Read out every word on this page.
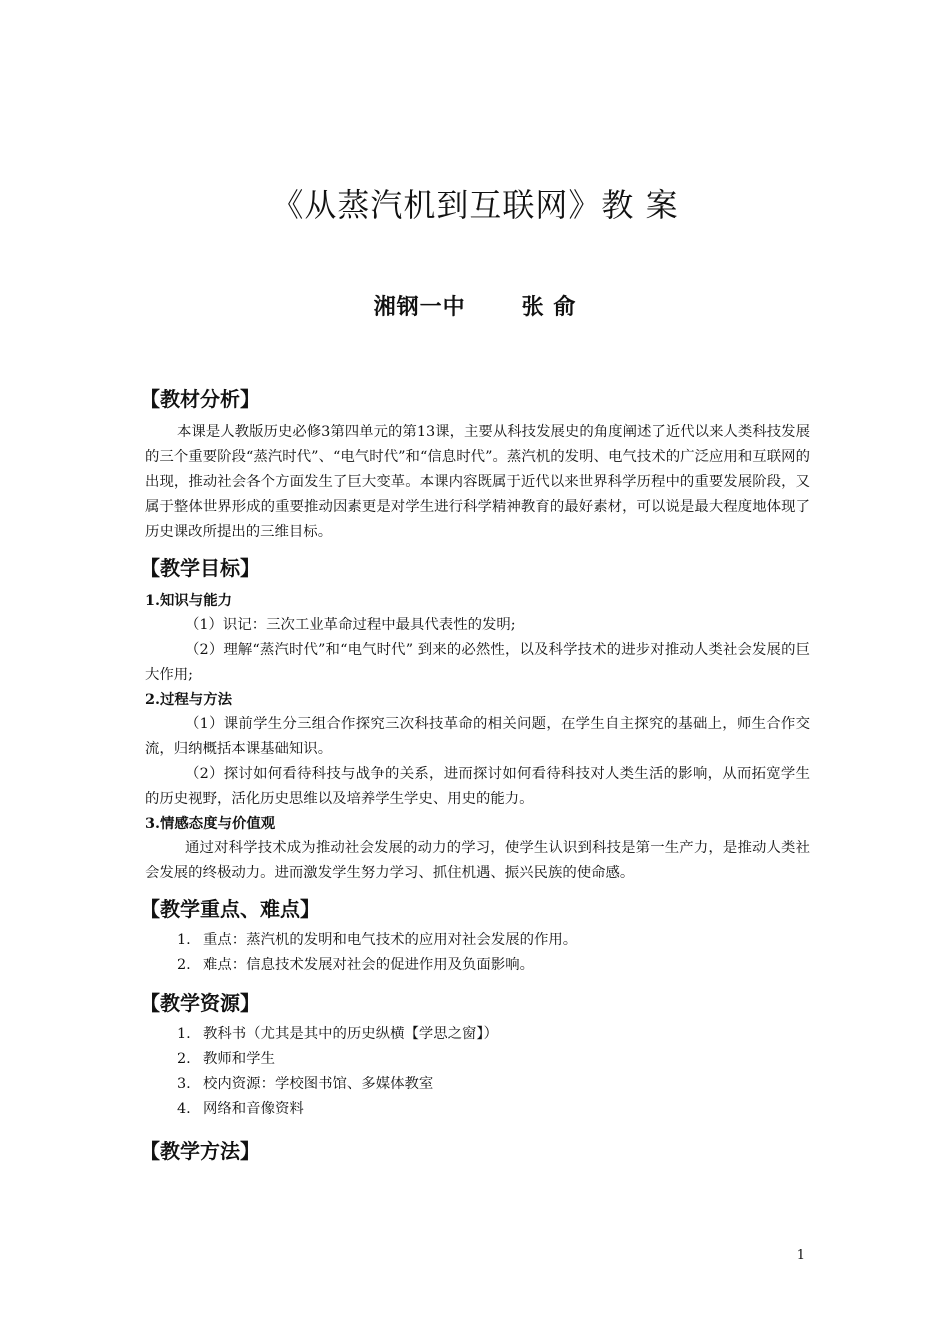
《从蒸汽机到互联网》教 案
湘钢一中	张 俞
【教材分析】

本课是人教版历史必修3第四单元的第13课，主要从科技发展史的角度阐述了近代以来人类科技发展的三个重要阶段“蒸汽时代”、“电气时代”和“信息时代”。蒸汽机的发明、电气技术的广泛应用和互联网的出现，推动社会各个方面发生了巨大变革。本课内容既属于近代以来世界科学历程中的重要发展阶段，又属于整体世界形成的重要推动因素更是对学生进行科学精神教育的最好素材，可以说是最大程度地体现了历史课改所提出的三维目标。

【教学目标】
1.知识与能力

（1）识记：三次工业革命过程中最具代表性的发明;

（2）理解“蒸汽时代”和“电气时代” 到来的必然性，以及科学技术的进步对推动人类社会发展的巨大作用;

2.过程与方法

（1）课前学生分三组合作探究三次科技革命的相关问题，在学生自主探究的基础上，师生合作交流，归纳概括本课基础知识。

（2）探讨如何看待科技与战争的关系，进而探讨如何看待科技对人类生活的影响，从而拓宽学生的历史视野，活化历史思维以及培养学生学史、用史的能力。

3.情感态度与价值观

通过对科学技术成为推动社会发展的动力的学习，使学生认识到科技是第一生产力，是推动人类社会发展的终极动力。进而激发学生努力学习、抓住机遇、振兴民族的使命感。

【教学重点、难点】
1. 重点：蒸汽机的发明和电气技术的应用对社会发展的作用。
2. 难点：信息技术发展对社会的促进作用及负面影响。
【教学资源】
1. 教科书（尤其是其中的历史纵横【学思之窗】）
2. 教师和学生
3. 校内资源：学校图书馆、多媒体教室
4. 网络和音像资料
【教学方法】
1
